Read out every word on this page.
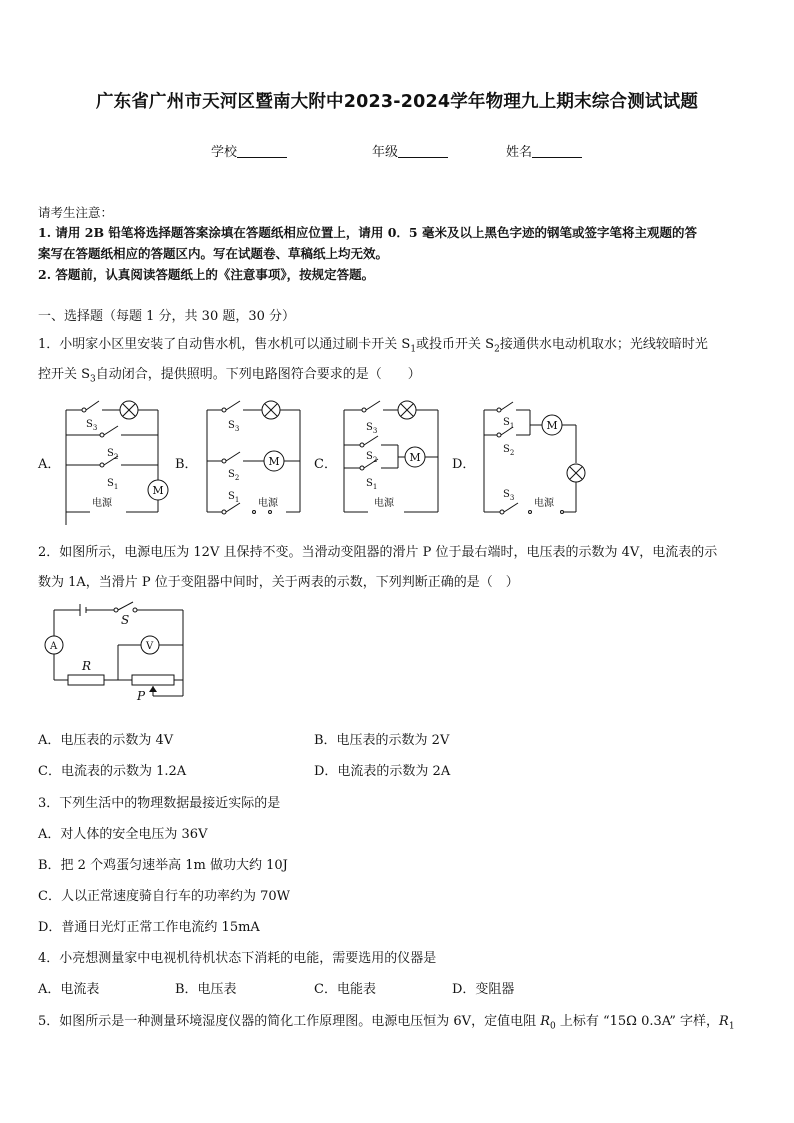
广东省广州市天河区暨南大附中2023-2024学年物理九上期末综合测试试题
学校	年级	姓名
请考生注意：
1. 请用 2B 铅笔将选择题答案涂填在答题纸相应位置上，请用 0．5 毫米及以上黑色字迹的钢笔或签字笔将主观题的答
案写在答题纸相应的答题区内。写在试题卷、草稿纸上均无效。
2. 答题前，认真阅读答题纸上的《注意事项》，按规定答题。
一、选择题（每题 1 分，共 30 题，30 分）
1．小明家小区里安装了自动售水机，售水机可以通过刷卡开关 $S_1$或投币开关 $S_2$接通供水电动机取水；光线较暗时光
控开关 $S_3$自动闭合，提供照明。下列电路图符合要求的是（　　）
A．	B．	C．	D．
M
M	M
M
$S_3$
$S_2$
$S_1$
电源
$S_3$
$S_2$
$S_1$ 电源
$S_3$
$S_2$
$S_1$
电源
$S_1$
$S_2$
$S_3$ 电源
2．如图所示，电源电压为 12V 且保持不变。当滑动变阻器的滑片 P 位于最右端时，电压表的示数为 4V，电流表的示
数为 1A，当滑片 P 位于变阻器中间时，关于两表的示数，下列判断正确的是（　）
S
A	V
R
P
A．电压表的示数为 4V	B．电压表的示数为 2V
C．电流表的示数为 1.2A	D．电流表的示数为 2A
3．下列生活中的物理数据最接近实际的是
A．对人体的安全电压为 36V
B．把 2 个鸡蛋匀速举高 1m 做功大约 10J
C．人以正常速度骑自行车的功率约为 70W
D．普通日光灯正常工作电流约 15mA
4．小亮想测量家中电视机待机状态下消耗的电能，需要选用的仪器是
A．电流表	B．电压表	C．电能表	D．变阻器
5．如图所示是一种测量环境湿度仪器的简化工作原理图。电源电压恒为 6V，定值电阻 $R_0$ 上标有 “15Ω 0.3A” 字样，$R_1$
